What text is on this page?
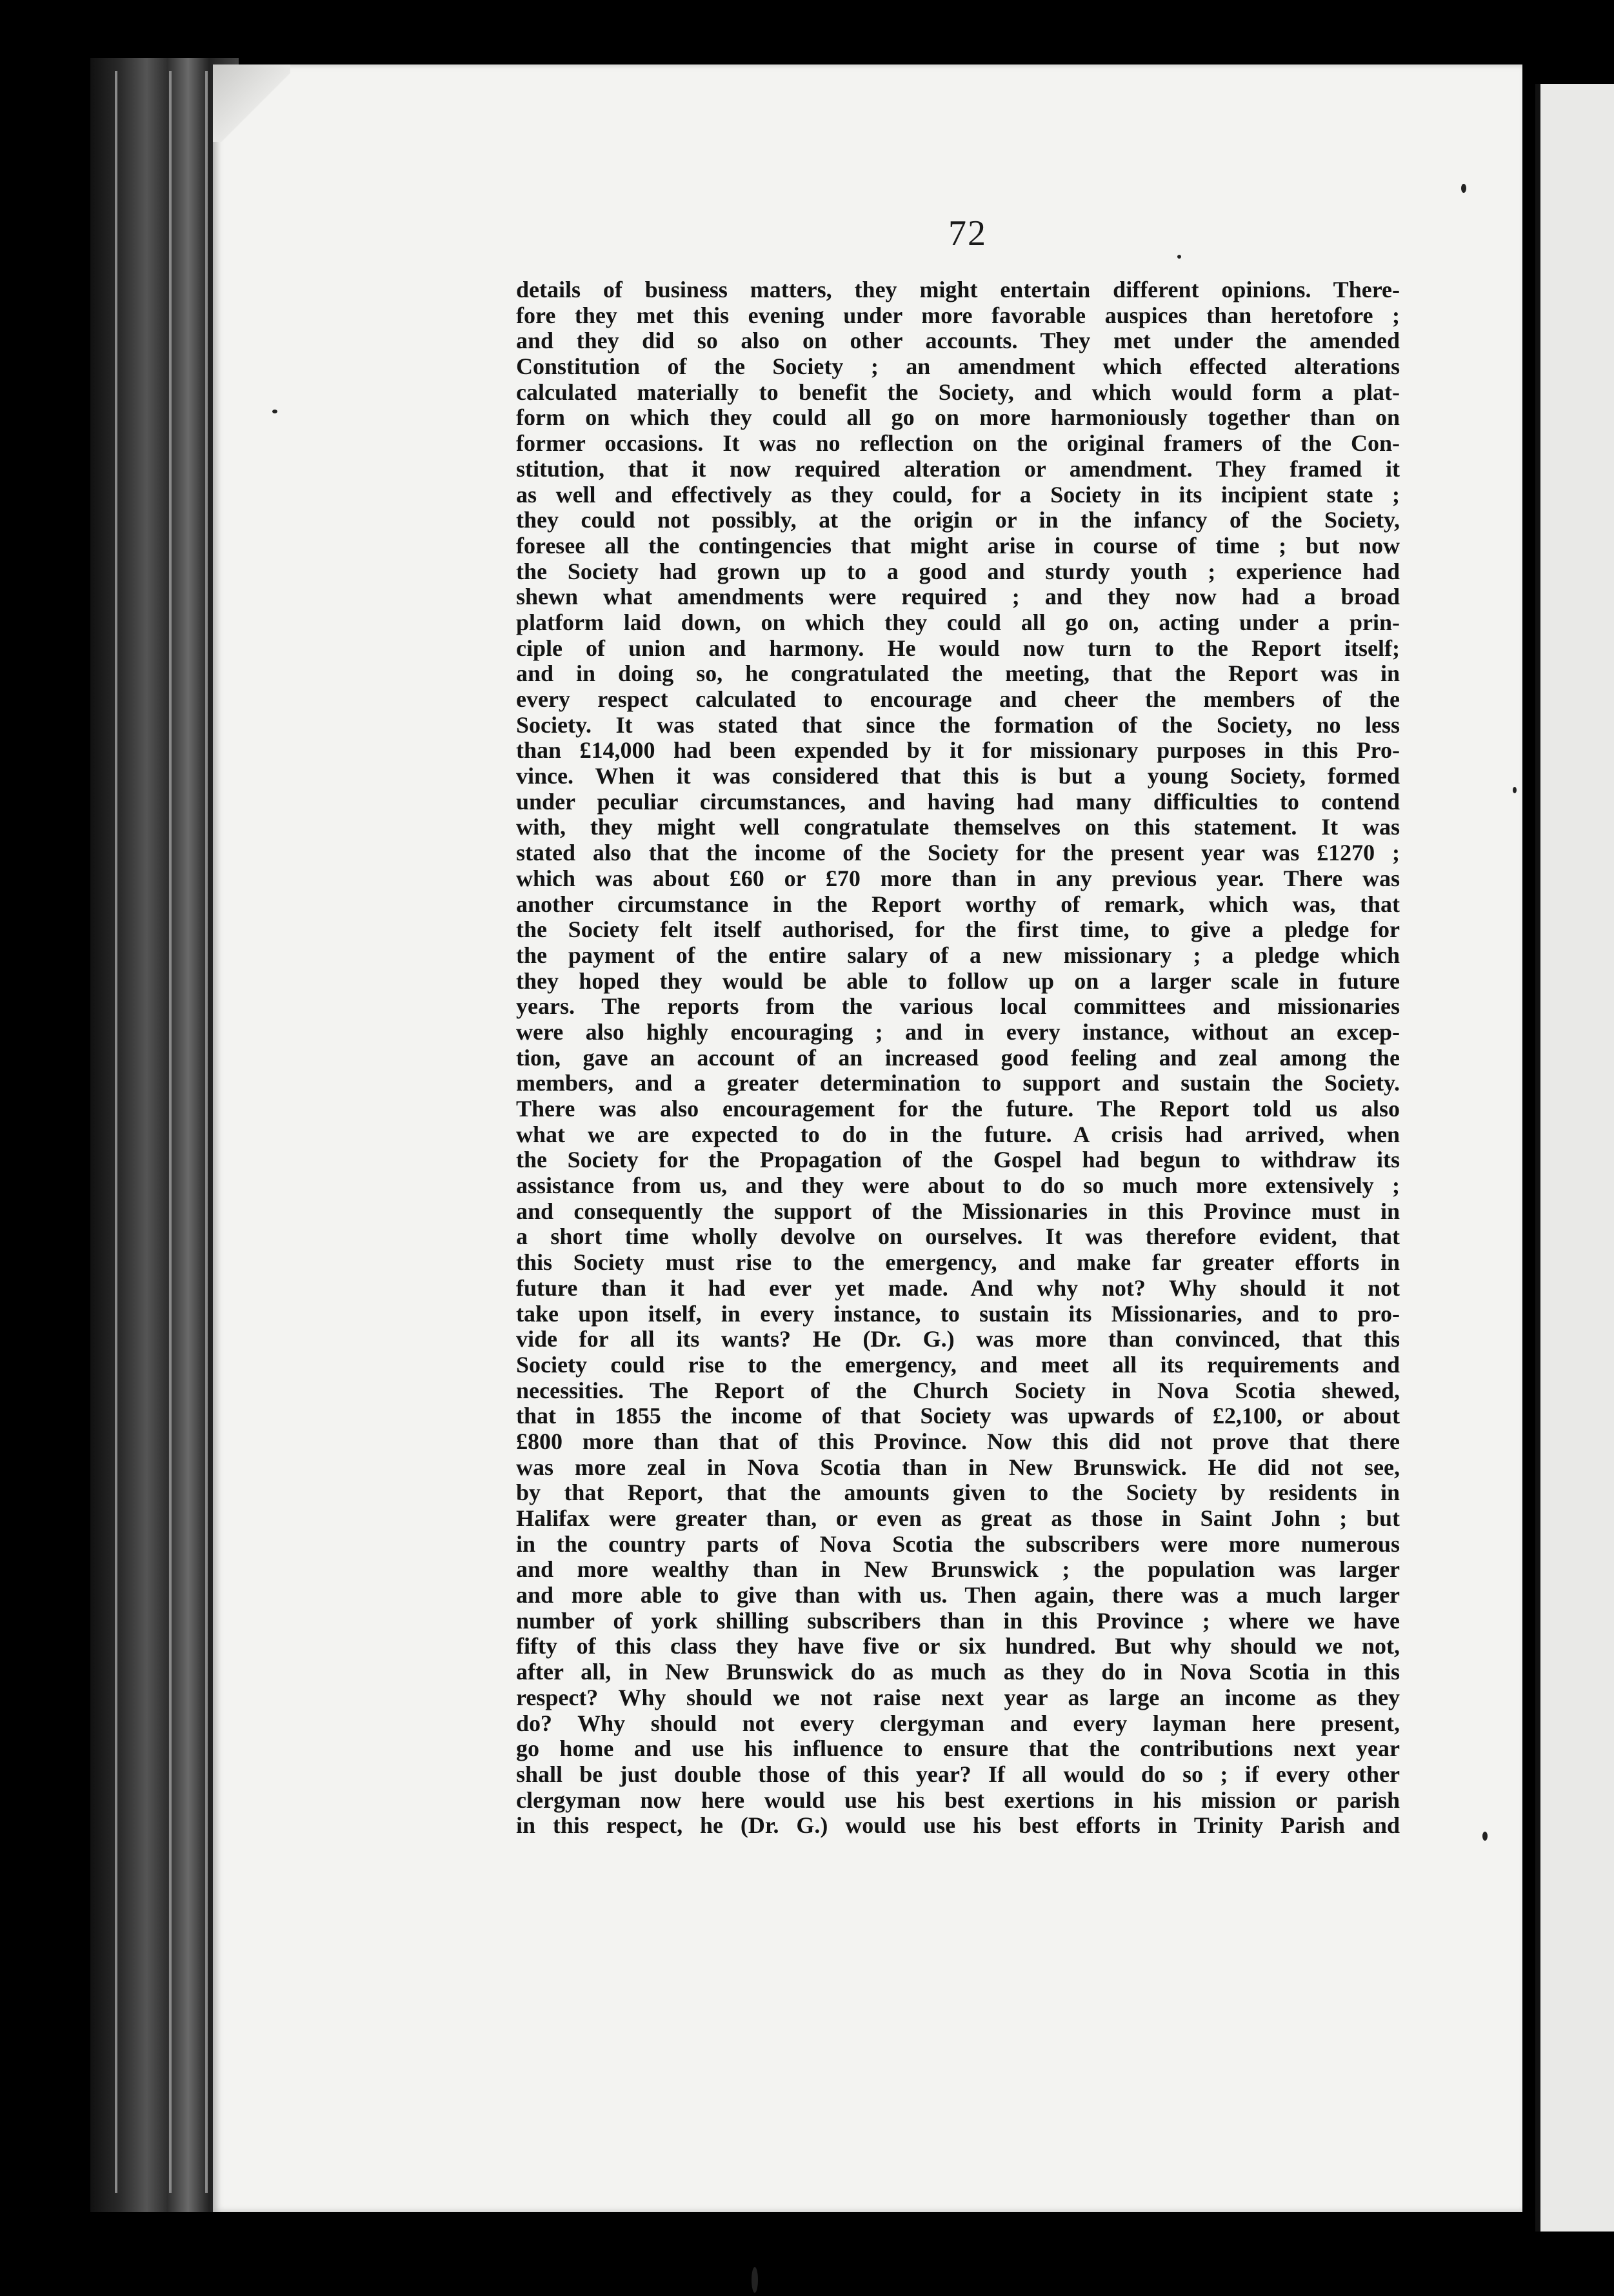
72
details of business matters, they might entertain different opinions. There-
fore they met this evening under more favorable auspices than heretofore ;
and they did so also on other accounts. They met under the amended
Constitution of the Society ; an amendment which effected alterations
calculated materially to benefit the Society, and which would form a plat-
form on which they could all go on more harmoniously together than on
former occasions. It was no reflection on the original framers of the Con-
stitution, that it now required alteration or amendment. They framed it
as well and effectively as they could, for a Society in its incipient state ;
they could not possibly, at the origin or in the infancy of the Society,
foresee all the contingencies that might arise in course of time ; but now
the Society had grown up to a good and sturdy youth ; experience had
shewn what amendments were required ; and they now had a broad
platform laid down, on which they could all go on, acting under a prin-
ciple of union and harmony. He would now turn to the Report itself;
and in doing so, he congratulated the meeting, that the Report was in
every respect calculated to encourage and cheer the members of the
Society. It was stated that since the formation of the Society, no less
than £14,000 had been expended by it for missionary purposes in this Pro-
vince. When it was considered that this is but a young Society, formed
under peculiar circumstances, and having had many difficulties to contend
with, they might well congratulate themselves on this statement. It was
stated also that the income of the Society for the present year was £1270 ;
which was about £60 or £70 more than in any previous year. There was
another circumstance in the Report worthy of remark, which was, that
the Society felt itself authorised, for the first time, to give a pledge for
the payment of the entire salary of a new missionary ; a pledge which
they hoped they would be able to follow up on a larger scale in future
years. The reports from the various local committees and missionaries
were also highly encouraging ; and in every instance, without an excep-
tion, gave an account of an increased good feeling and zeal among the
members, and a greater determination to support and sustain the Society.
There was also encouragement for the future. The Report told us also
what we are expected to do in the future. A crisis had arrived, when
the Society for the Propagation of the Gospel had begun to withdraw its
assistance from us, and they were about to do so much more extensively ;
and consequently the support of the Missionaries in this Province must in
a short time wholly devolve on ourselves. It was therefore evident, that
this Society must rise to the emergency, and make far greater efforts in
future than it had ever yet made. And why not? Why should it not
take upon itself, in every instance, to sustain its Missionaries, and to pro-
vide for all its wants? He (Dr. G.) was more than convinced, that this
Society could rise to the emergency, and meet all its requirements and
necessities. The Report of the Church Society in Nova Scotia shewed,
that in 1855 the income of that Society was upwards of £2,100, or about
£800 more than that of this Province. Now this did not prove that there
was more zeal in Nova Scotia than in New Brunswick. He did not see,
by that Report, that the amounts given to the Society by residents in
Halifax were greater than, or even as great as those in Saint John ; but
in the country parts of Nova Scotia the subscribers were more numerous
and more wealthy than in New Brunswick ; the population was larger
and more able to give than with us. Then again, there was a much larger
number of york shilling subscribers than in this Province ; where we have
fifty of this class they have five or six hundred. But why should we not,
after all, in New Brunswick do as much as they do in Nova Scotia in this
respect? Why should we not raise next year as large an income as they
do? Why should not every clergyman and every layman here present,
go home and use his influence to ensure that the contributions next year
shall be just double those of this year? If all would do so ; if every other
clergyman now here would use his best exertions in his mission or parish
in this respect, he (Dr. G.) would use his best efforts in Trinity Parish and
